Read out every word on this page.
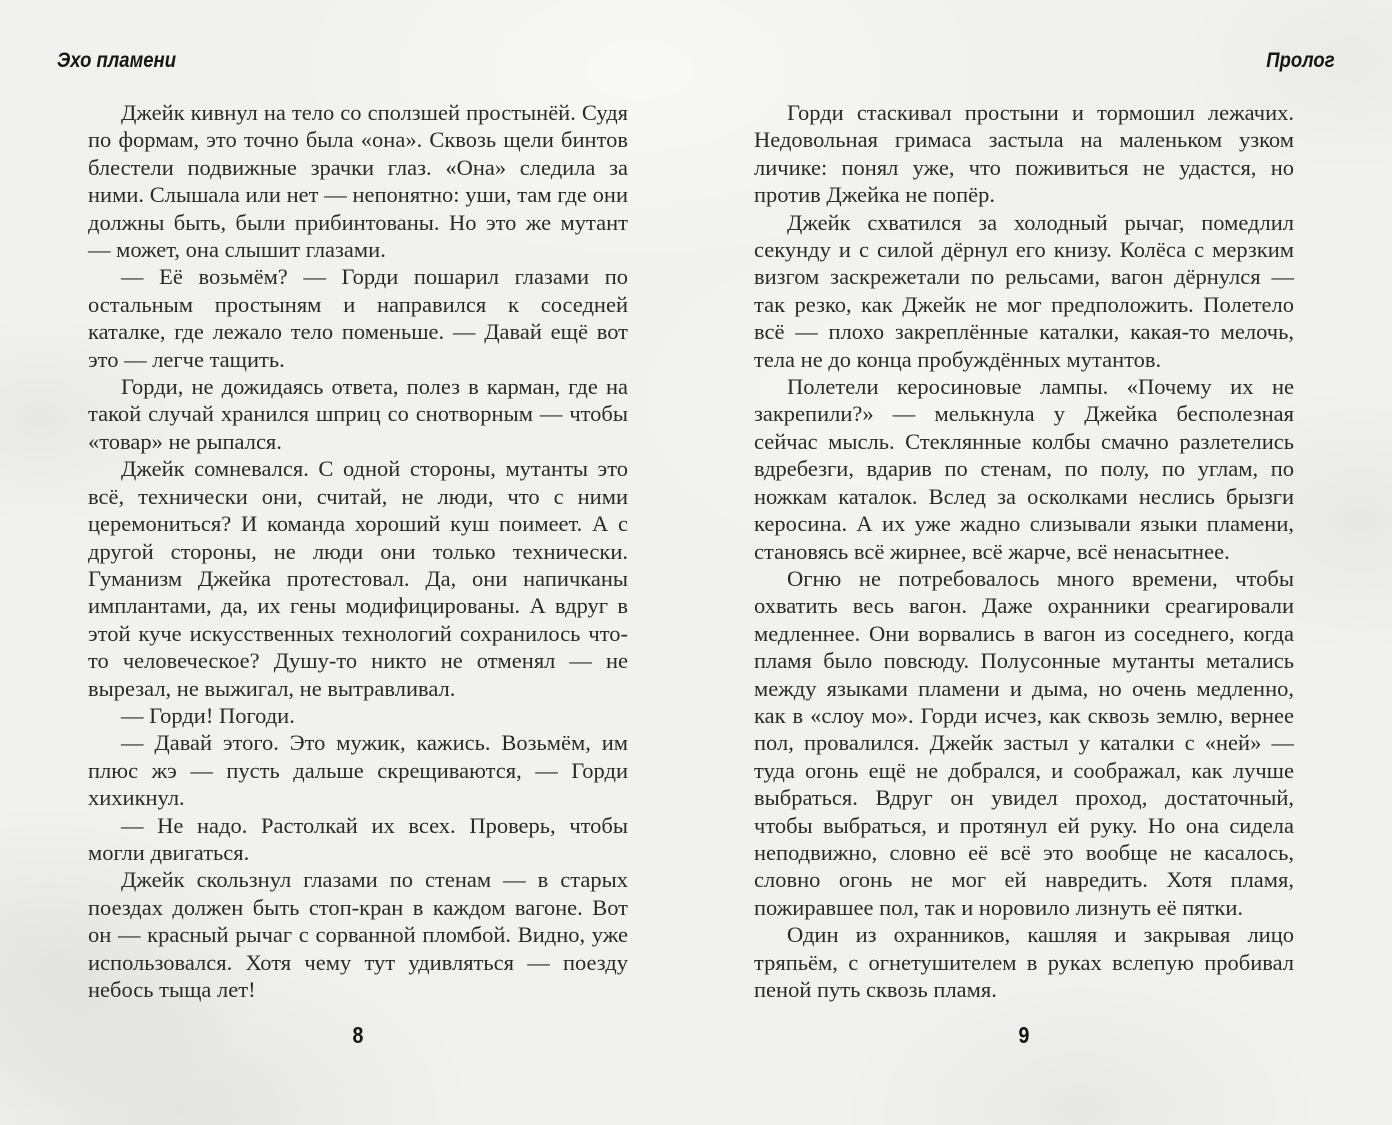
Эхо пламени	Пролог

Джейк кивнул на тело со сползшей простынёй. Судя по формам, это точно была «она». Сквозь щели бинтов блестели подвижные зрачки глаз. «Она» следила за ними. Слышала или нет — непонятно: уши, там где они должны быть, были прибинтованы. Но это же мутант — может, она слышит глазами.

— Её возьмём? — Горди пошарил глазами по остальным простыням и направился к соседней каталке, где лежало тело поменьше. — Давай ещё вот это — легче тащить.

Горди, не дожидаясь ответа, полез в карман, где на такой случай хранился шприц со снотворным — чтобы «товар» не рыпался.

Джейк сомневался. С одной стороны, мутанты это всё, технически они, считай, не люди, что с ними церемониться? И команда хороший куш поимеет. А с другой стороны, не люди они только технически. Гуманизм Джейка протестовал. Да, они напичканы имплантами, да, их гены модифицированы. А вдруг в этой куче искусственных технологий сохранилось что-то человеческое? Душу-то никто не отменял — не вырезал, не выжигал, не вытравливал.

— Горди! Погоди.

— Давай этого. Это мужик, кажись. Возьмём, им плюс жэ — пусть дальше скрещиваются, — Горди хихикнул.

— Не надо. Растолкай их всех. Проверь, чтобы могли двигаться.

Джейк скользнул глазами по стенам — в старых поездах должен быть стоп-кран в каждом вагоне. Вот он — красный рычаг с сорванной пломбой. Видно, уже использовался. Хотя чему тут удивляться — поезду небось тыща лет!

Горди стаскивал простыни и тормошил лежачих. Недовольная гримаса застыла на маленьком узком личике: понял уже, что поживиться не удастся, но против Джейка не попёр.

Джейк схватился за холодный рычаг, помедлил секунду и с силой дёрнул его книзу. Колёса с мерзким визгом заскрежетали по рельсами, вагон дёрнулся — так резко, как Джейк не мог предположить. Полетело всё — плохо закреплённые каталки, какая-то мелочь, тела не до конца пробуждённых мутантов.

Полетели керосиновые лампы. «Почему их не закрепили?» — мелькнула у Джейка бесполезная сейчас мысль. Стеклянные колбы смачно разлетелись вдребезги, вдарив по стенам, по полу, по углам, по ножкам каталок. Вслед за осколками неслись брызги керосина. А их уже жадно слизывали языки пламени, становясь всё жирнее, всё жарче, всё ненасытнее.

Огню не потребовалось много времени, чтобы охватить весь вагон. Даже охранники среагировали медленнее. Они ворвались в вагон из соседнего, когда пламя было повсюду. Полусонные мутанты метались между языками пламени и дыма, но очень медленно, как в «слоу мо». Горди исчез, как сквозь землю, вернее пол, провалился. Джейк застыл у каталки с «ней» — туда огонь ещё не добрался, и соображал, как лучше выбраться. Вдруг он увидел проход, достаточный, чтобы выбраться, и протянул ей руку. Но она сидела неподвижно, словно её всё это вообще не касалось, словно огонь не мог ей навредить. Хотя пламя, пожиравшее пол, так и норовило лизнуть её пятки.

Один из охранников, кашляя и закрывая лицо тряпьём, с огнетушителем в руках вслепую пробивал пеной путь сквозь пламя.

8	9
